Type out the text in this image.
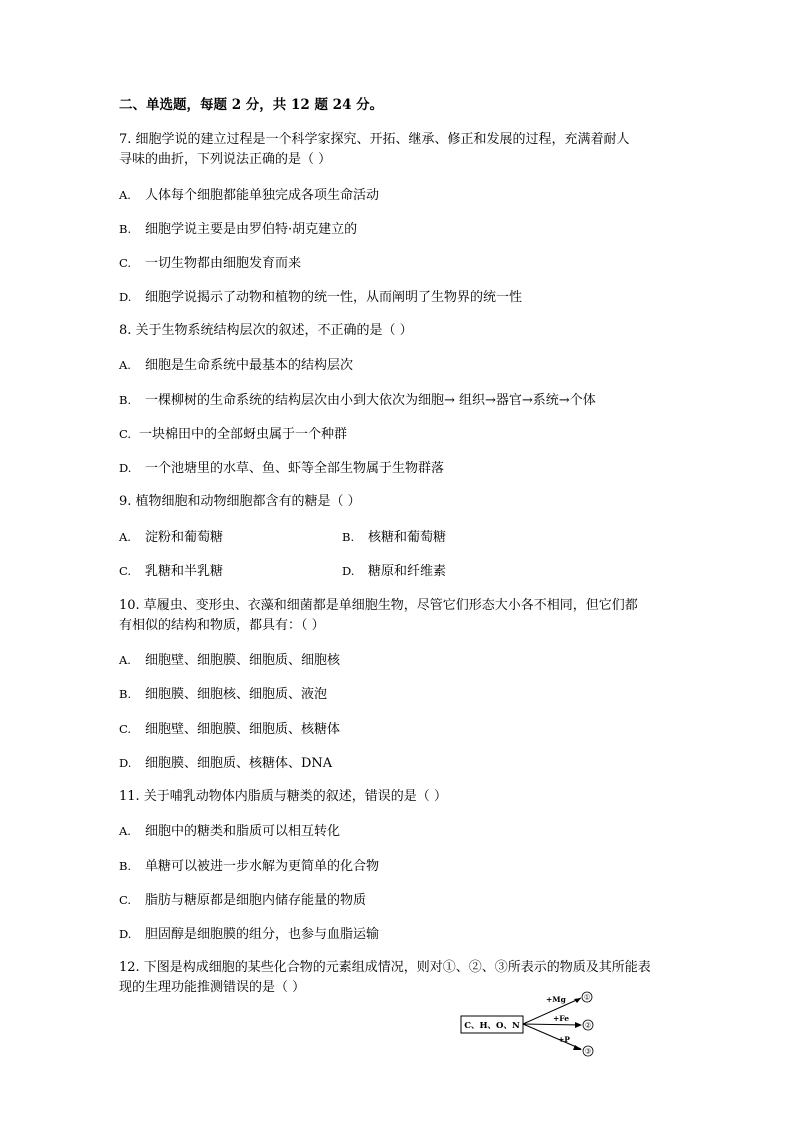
二、单选题，每题 2 分，共 12 题 24 分。
7. 细胞学说的建立过程是一个科学家探究、开拓、继承、修正和发展的过程，充满着耐人
寻味的曲折，下列说法正确的是（ ）
A. 人体每个细胞都能单独完成各项生命活动
B. 细胞学说主要是由罗伯特·胡克建立的
C. 一切生物都由细胞发育而来
D. 细胞学说揭示了动物和植物的统一性，从而阐明了生物界的统一性
8. 关于生物系统结构层次的叙述，不正确的是（ ）
A. 细胞是生命系统中最基本的结构层次
B. 一棵柳树的生命系统的结构层次由小到大依次为细胞→ 组织→器官→系统→个体
C. 一块棉田中的全部蚜虫属于一个种群
D. 一个池塘里的水草、鱼、虾等全部生物属于生物群落
9. 植物细胞和动物细胞都含有的糖是（ ）
A. 淀粉和葡萄糖	B. 核糖和葡萄糖
C. 乳糖和半乳糖	D. 糖原和纤维素
10. 草履虫、变形虫、衣藻和细菌都是单细胞生物，尽管它们形态大小各不相同，但它们都
有相似的结构和物质，都具有：（ ）
A. 细胞壁、细胞膜、细胞质、细胞核
B. 细胞膜、细胞核、细胞质、液泡
C. 细胞壁、细胞膜、细胞质、核糖体
D. 细胞膜、细胞质、核糖体、DNA
11. 关于哺乳动物体内脂质与糖类的叙述，错误的是（ ）
A. 细胞中的糖类和脂质可以相互转化
B. 单糖可以被进一步水解为更简单的化合物
C. 脂肪与糖原都是细胞内储存能量的物质
D. 胆固醇是细胞膜的组分，也参与血脂运输
12. 下图是构成细胞的某些化合物的元素组成情况，则对①、②、③所表示的物质及其所能表
现的生理功能推测错误的是（ ）
C、H、O、N
+Mg	①
+Fe
②
+P
③
